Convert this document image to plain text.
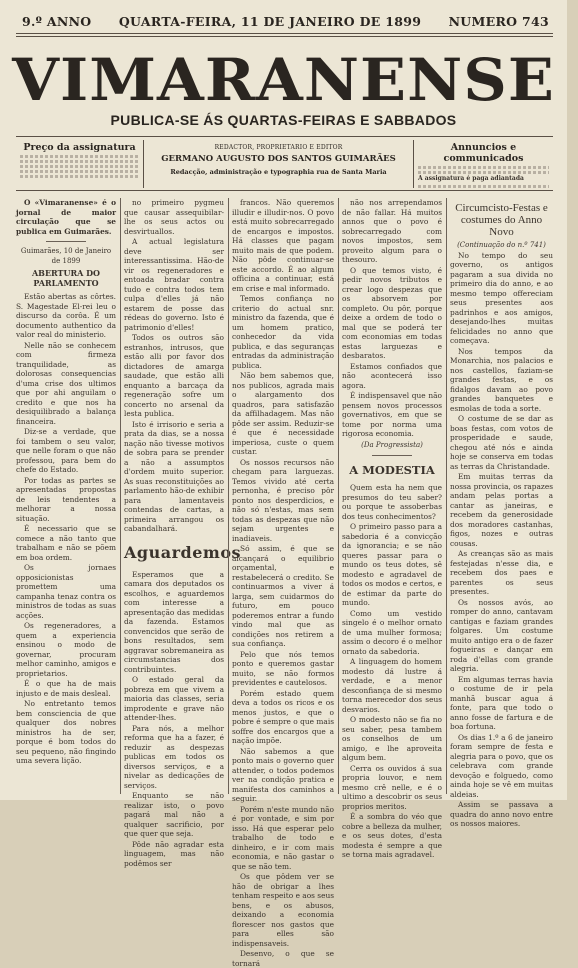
9.º ANNO QUARTA-FEIRA, 11 DE JANEIRO DE 1899 NUMERO 743
VIMARANENSE
PUBLICA-SE ÁS QUARTAS-FEIRAS E SABBADOS
Preço da assignatura	REDACTOR, PROPRIETARIO E EDITOR
GERMANO AUGUSTO DOS SANTOS GUIMARÃES
Redacção, administração e typographia rua de Santa Maria
Annuncios e communicados
A assignatura é paga adiantada

O «Vimaranense» é o jornal de maior circulação que se publica em Guimarães.

Guimarães, 10 de Janeiro de 1899
ABERTURA DO PARLAMENTO

Estão abertas as côrtes. S. Magestade El-rei leu o discurso da corôa. É um documento authentico da valor real do ministerio.

Nelle não se conhecem com firmeza tranquilidade, as dolorosas consequencias d'uma crise dos ultimos que por ahi anguilam o credito e que nos ha desiquilibrado a balança financeira.

Diz-se a verdade, que foi tambem o seu valor, que nelle foram o que não professou, para bem do chefe do Estado.

Por todas as partes se apresentadas propostas de leis tendentes a melhorar a nossa situação.

É necessario que se comece a não tanto que trabalham e não se põem em boa ordem.

Os jornaes opposicionistas promettem uma campanha tenaz contra os ministros de todas as suas acções.

Os regeneradores, a quem a experiencia ensinou o modo de governar, procuram melhor caminho, amigos e proprietarios.

É o que ha de mais injusto e de mais desleal.

No entretanto temos bem consciencia de que qualquer dos nobres ministros ha de ser, porque é bom todos do seu pequeno, não fingindo uma severa lição.

no primeiro pygmeu que causar assequibilar-lhe os seus actos ou desvirtuallos.

A actual legislatura deve ser interessantissima. Hão-de vir os regeneradores e entoada bradar contra tudo e contra todos tem culpa d'elles já não estarem de posse das rédeas do governo. Isto é patrimonio d'elles!

Todos os outros são estranhos, intrusos, que estão alli por favor dos dictadores de amarga saudade, que estão alli enquanto a barcaça da regeneração sofre um concerto no arsenal da lesta publica.

Isto é irrisorio e seria a prata da dias, se a nossa nação não tivesse motivos de sobra para se prender a não a assumptos d'ordem muito superior. As suas reconstituições ao parlamento hão-de exhibir para lamentaveis contendas de cartas, a primeira arrangou os cabandalhará.

Aguardemos

Esperamos que a camara dos deputados os escolhos, e aguardemos com interesse a apresentação das medidas da fazenda. Estamos convencidos que serão de bons resultados, sem aggravar sobremaneira as circumstancias dos contribuintes.

O estado geral da pobreza em que vivem a maioria das classes, seria improdente e grave não attender-lhes.

Para nós, a melhor reforma que ha a fazer, é reduzir as despezas publicas em todos os diversos serviços, e a nivelar as dedicações de serviços.

Enquanto se não realizar isto, o povo pagará mal não a qualquer sacrificio, por que quer que seja.

Pôde não agradar esta linguagem, mas não podêmos ser

francos. Não queremos illudir e illudir-nos. O povo está muito sobrecarregado de encargos e impostos. Há classes que pagam muito mais de que podem. Não pôde continuar-se este accordo. É ao algum officina a continuar, está em crise e mal informado.

Temos confiança no criterio do actual snr. ministro da fazenda, que é um homem pratico, conhecedor da vida publica, e das seguranças entradas da administração publica.

Não bem sabemos que, nos publicos, agrada mais o alargamento dos quadros, para satisfazão da affilhadagem. Mas não pôde ser assim. Reduzir-se é que é necessidade imperiosa, custe o quem custar.

Os nossos recursos não chegam para larguezas. Temos vivido até certa pernonha, é preciso pôr ponto nos desperdicios, e não só n'estas, mas sem todas as despezas que não sejam urgentes e inadiaveis.

Só assim, é que se alcançará o equilibrio orçamental, e restabelecerá o credito. Se continuarmos a viver á larga, sem cuidarmos do futuro, em pouco poderemos entrar a fundo vindo mal que as condições nos retirem a sua confiança.

Pelo que nós temos ponto e queremos gastar muito, se não formos previdentes e cautelosos.

Porém estado quem deva a todos os ricos e os menos justos, e que o pobre é sempre o que mais soffre dos encargos que a nação impõe.

Não sabemos a que ponto mais o governo quer attender, o todos podemos ver na condição pratica e manifesta dos caminhos a seguir.

Porém n'este mundo não é por vontade, e sim por isso. Há que esperar pelo trabalho de todo e dinheiro, e ir com mais economia, e não gastar o que se não tem.

Os que pôdem ver se hão de obrigar a lhes tenham respeito e aos seus bens, e os abusos, deixando a economia florescer nos gastos que para elles são indispensaveis.

Desenvo, o que se tornará

não nos arrependamos de não fallar. Há muitos annos que o povo é sobrecarregado com novos impostos, sem proveito algum para o thesouro.

O que temos visto, é pedir novos tributos e crear logo despezas que os absorvem por completo. Ou pôr, porque deixe a ordem de todo o mal que se poderá ter com economias em todas estas larguezas e desbaratos.

Estamos confiados que não acontecerá isso agora.

É indispensavel que não pensem novos processos governativos, em que se tome por norma uma rigorosa economia.

(Da Progressista)
A MODESTIA

Quem esta ha nem que presumos do teu saber? ou porque te assoberbas dos teus conhecimentos?

O primeiro passo para a sabedoria é a convicção da ignorancia; e se não queres passar para o mundo os teus dotes, sê modesto e agradavel de todos os modos e certos, e de estimar da parte do mundo.

Como um vestido singelo é o melhor ornato de uma mulher formosa; assim o decoro é o melhor ornato da sabedoria.

A linguagem do homem modesto dá lustre á verdade, e a menor desconfiança de si mesmo torna merecedor dos seus desvarios.

O modesto não se fia no seu saber, pesa tambem os conselhos de um amigo, e lhe aproveita algum bem.

Cerra os ouvidos á sua propria louvor, e nem mesmo crê nelle, e é o ultimo a descobrir os seus proprios meritos.

É a sombra do véo que cobre a belleza da mulher, e os seus dotes, d'esta modesta é sempre a que se torna mais agradavel.

Circumcisto-Festas e costumes do Anno Novo
(Continuação do n.º 741)

No tempo do seu governo, os antigos pagaram a sua divida no primeiro dia do anno, e ao mesmo tempo offereciam seus presentes aos padrinhos e aos amigos, desejando-lhes muitas felicidades no anno que começava.

Nos tempos da Monarchia, nos palacios e nos castellos, faziam-se grandes festas, e os fidalgos davam ao povo grandes banquetes e esmolas de toda a sorte.

O costume de se dar as boas festas, com votos de prosperidade e saude, chegou até nós e ainda hoje se conserva em todas as terras da Christandade.

Em muitas terras da nossa provincia, os rapazes andam pelas portas a cantar as janeiras, e recebem da generosidade dos moradores castanhas, figos, nozes e outras cousas.

As creanças são as mais festejadas n'esse dia, e recebem dos paes e parentes os seus presentes.

Os nossos avós, ao romper do anno, cantavam cantigas e faziam grandes folgares. Um costume muito antigo era o de fazer fogueiras e dançar em roda d'ellas com grande alegria.

Em algumas terras havia o costume de ir pela manhã buscar agua á fonte, para que todo o anno fosse de fartura e de boa fortuna.

Os dias 1.º a 6 de janeiro foram sempre de festa e alegria para o povo, que os celebrava com grande devoção e folguedo, como ainda hoje se vê em muitas aldeias.

Assim se passava a quadra do anno novo entre os nossos maiores.
